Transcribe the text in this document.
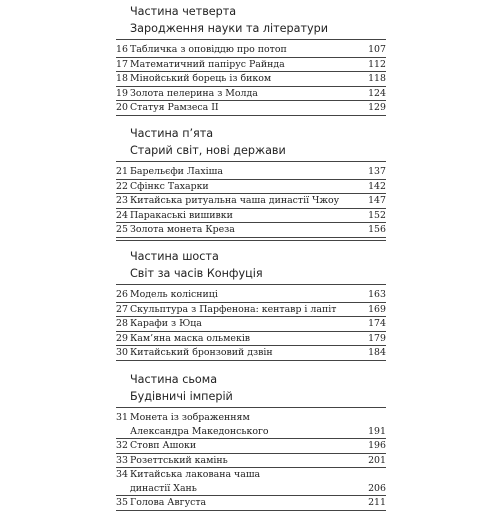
Частина четверта
Зародження науки та літератури
16 Табличка з оповіддю про потоп	107
17 Математичний папірус Райнда	112
18 Мінойський борець із биком	118
19 Золота пелерина з Молда	124
20 Статуя Рамзеса II	129
Частина п’ята
Старий світ, нові держави
21 Барельєфи Лахіша	137
22 Сфінкс Тахарки	142
23 Китайська ритуальна чаша династії Чжоу	147
24 Паракаські вишивки	152
25 Золота монета Креза	156
Частина шоста
Світ за часів Конфуція
26 Модель колісниці	163
27 Скульптура з Парфенона: кентавр і лапіт	169
28 Карафи з Юца	174
29 Кам’яна маска ольмеків	179
30 Китайський бронзовий дзвін	184
Частина сьома
Будівничі імперій
31 Монета із зображенням
Александра Македонського	191
32 Стовп Ашоки	196
33 Розеттський камінь	201
34 Китайська лакована чаша
династії Хань	206
35 Голова Августа	211
